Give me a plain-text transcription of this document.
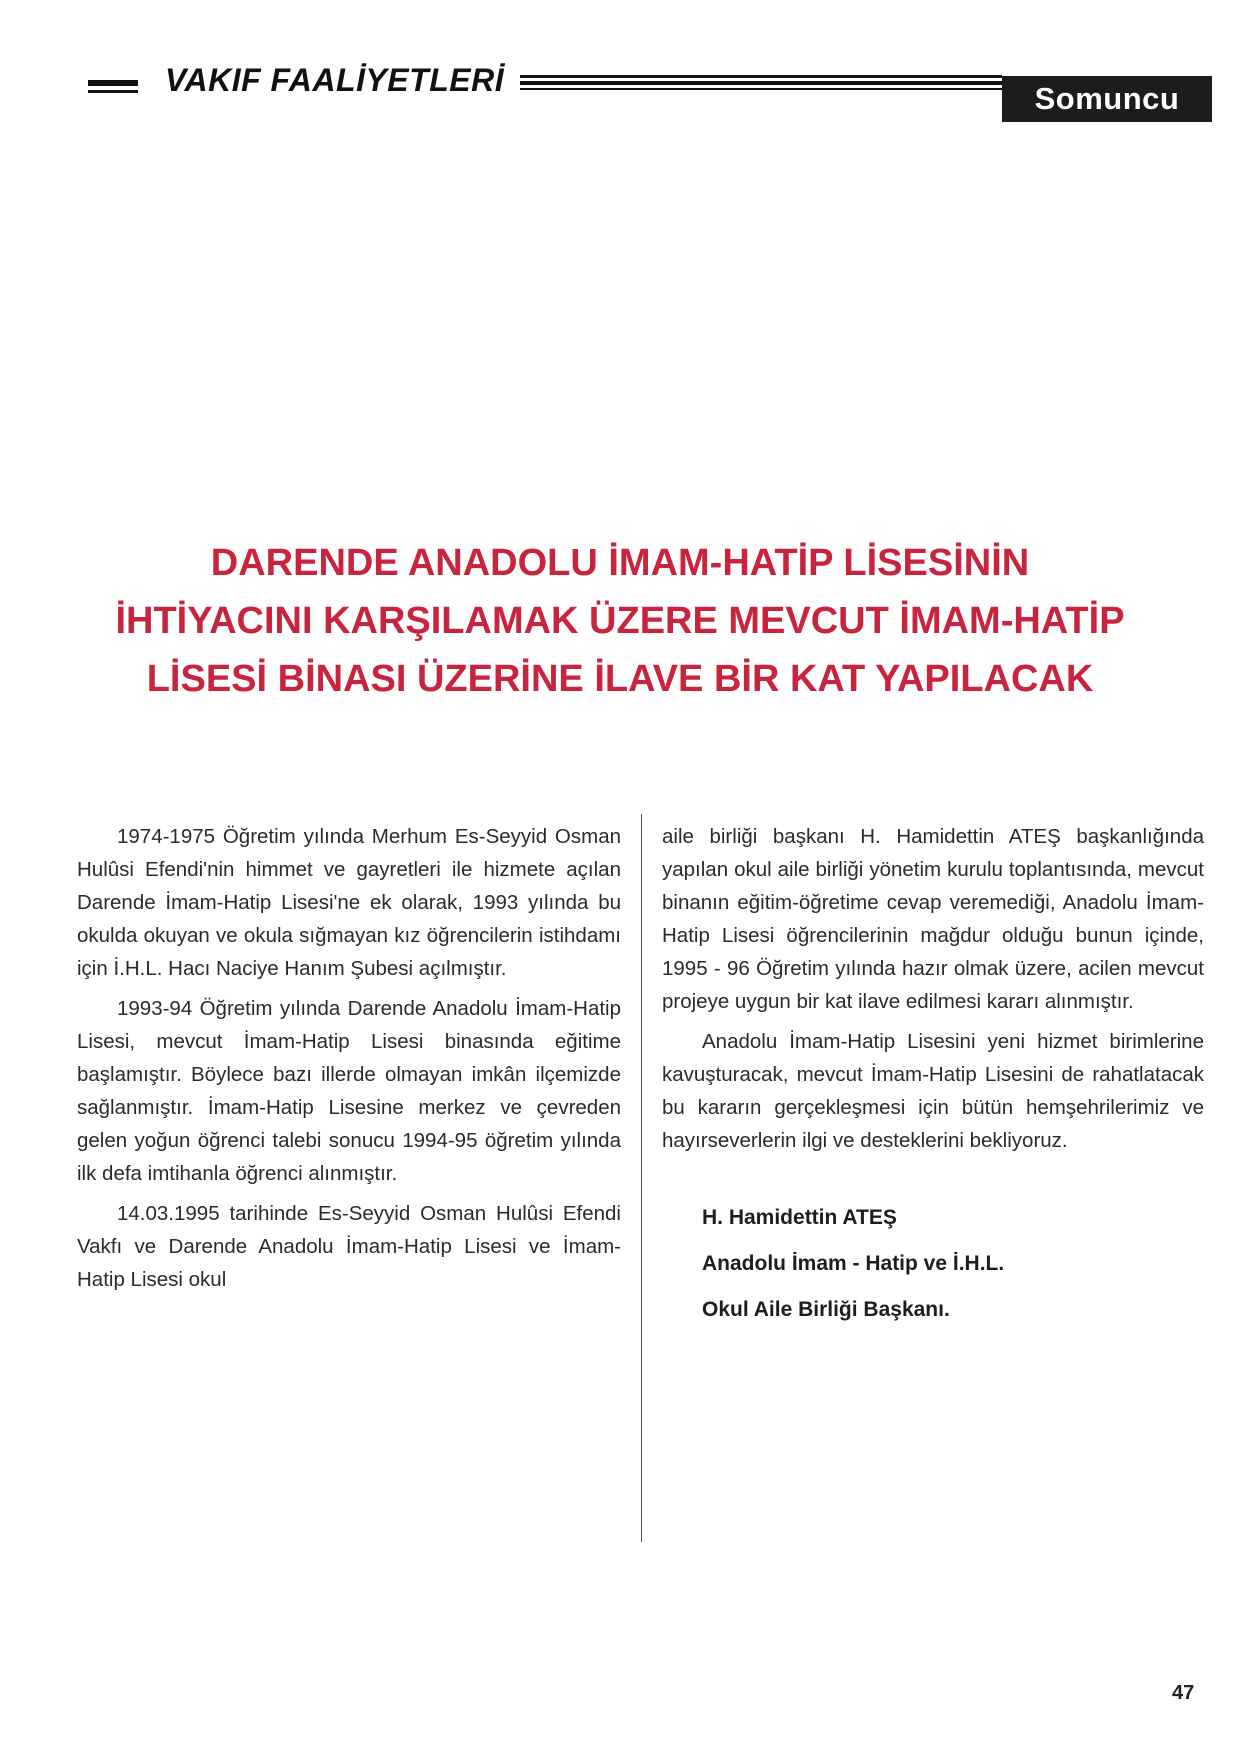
VAKIF FAALİYETLERİ
Somuncu Baba
DARENDE ANADOLU İMAM-HATİP LİSESİNİN
İHTİYACINI KARŞILAMAK ÜZERE MEVCUT İMAM-HATİP
LİSESİ BİNASI ÜZERİNE İLAVE BİR KAT YAPILACAK

1974-1975 Öğretim yılında Merhum Es-Seyyid Osman Hulûsi Efendi'nin himmet ve gayretleri ile hizmete açılan Darende İmam-Hatip Lisesi'ne ek olarak, 1993 yılında bu okulda okuyan ve okula sığmayan kız öğrencilerin istihdamı için İ.H.L. Hacı Naciye Hanım Şubesi açılmıştır.

1993-94 Öğretim yılında Darende Anadolu İmam-Hatip Lisesi, mevcut İmam-Hatip Lisesi binasında eğitime başlamıştır. Böylece bazı illerde olmayan imkân ilçemizde sağlanmıştır. İmam-Hatip Lisesine merkez ve çevreden gelen yoğun öğrenci talebi sonucu 1994-95 öğretim yılında ilk defa imtihanla öğrenci alınmıştır.

14.03.1995 tarihinde Es-Seyyid Osman Hulûsi Efendi Vakfı ve Darende Anadolu İmam-Hatip Lisesi ve İmam-Hatip Lisesi okul

aile birliği başkanı H. Hamidettin ATEŞ başkanlığında yapılan okul aile birliği yönetim kurulu toplantısında, mevcut binanın eğitim-öğretime cevap veremediği, Anadolu İmam-Hatip Lisesi öğrencilerinin mağdur olduğu bunun içinde, 1995 - 96 Öğretim yılında hazır olmak üzere, acilen mevcut projeye uygun bir kat ilave edilmesi kararı alınmıştır.

Anadolu İmam-Hatip Lisesini yeni hizmet birimlerine kavuşturacak, mevcut İmam-Hatip Lisesini de rahatlatacak bu kararın gerçekleşmesi için bütün hemşehrilerimiz ve hayırseverlerin ilgi ve desteklerini bekliyoruz.

H. Hamidettin ATEŞ
Anadolu İmam - Hatip ve İ.H.L.
Okul Aile Birliği Başkanı.
47
